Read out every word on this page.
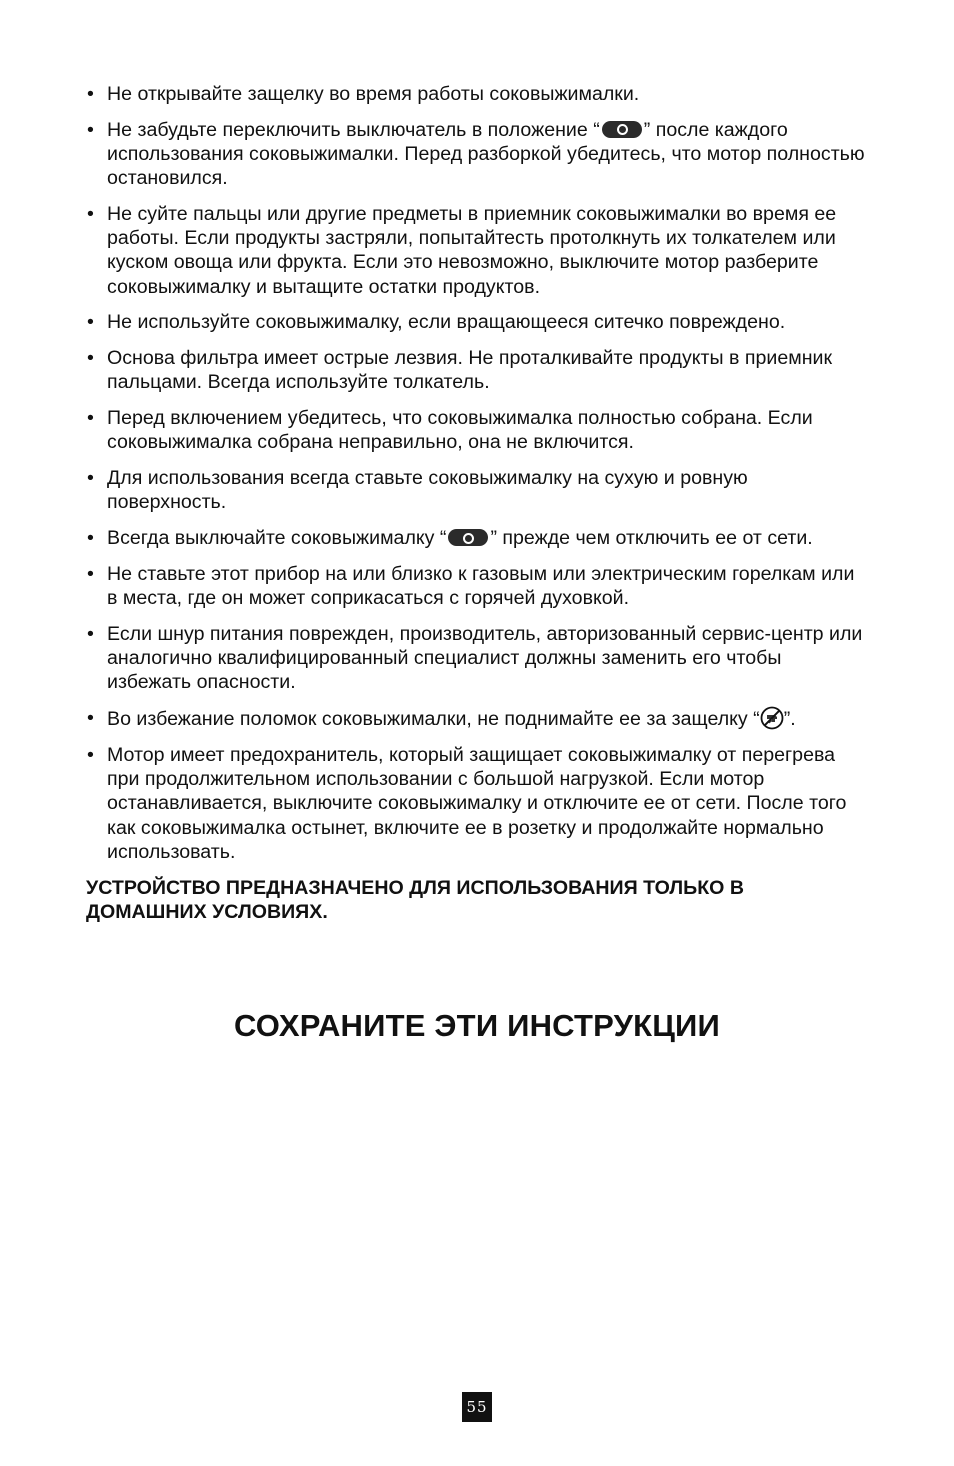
• Не открывайте защелку во время работы соковыжималки.
• Не забудьте переключить выключатель в положение “ ” после каждого использования соковыжималки. Перед разборкой убедитесь, что мотор полностью остановился.
• Не суйте пальцы или другие предметы в приемник соковыжималки во время ее работы. Если продукты застряли, попытайтесть протолкнуть их толкателем или куском овоща или фрукта. Если это невозможно, выключите мотор разберите соковыжималку и вытащите остатки продуктов.
• Не используйте соковыжималку, если вращающееся ситечко повреждено.
• Основа фильтра имеет острые лезвия. Не проталкивайте продукты в приемник пальцами. Всегда используйте толкатель.
• Перед включением убедитесь, что соковыжималка полностью собрана. Если соковыжималка собрана неправильно, она не включится.
• Для использования всегда ставьте соковыжималку на сухую и ровную поверхность.
• Всегда выключайте соковыжималку “ ” прежде чем отключить ее от сети.
• Не ставьте этот прибор на или близко к газовым или электрическим горелкам или в места, где он может соприкасаться с горячей духовкой.
• Если шнур питания поврежден, производитель, авторизованный сервис-центр или аналогично квалифицированный специалист должны заменить его чтобы избежать опасности.
• Во избежание поломок соковыжималки, не поднимайте ее за защелку “ ”.
• Мотор имеет предохранитель, который защищает соковыжималку от перегрева при продолжительном использовании с большой нагрузкой. Если мотор останавливается, выключите соковыжималку и отключите ее от сети. После того как соковыжималка остынет, включите ее в розетку и продолжайте нормально использовать.

УСТРОЙСТВО ПРЕДНАЗНАЧЕНО ДЛЯ ИСПОЛЬЗОВАНИЯ ТОЛЬКО В ДОМАШНИХ УСЛОВИЯХ.

СОХРАНИТЕ ЭТИ ИНСТРУКЦИИ
55
